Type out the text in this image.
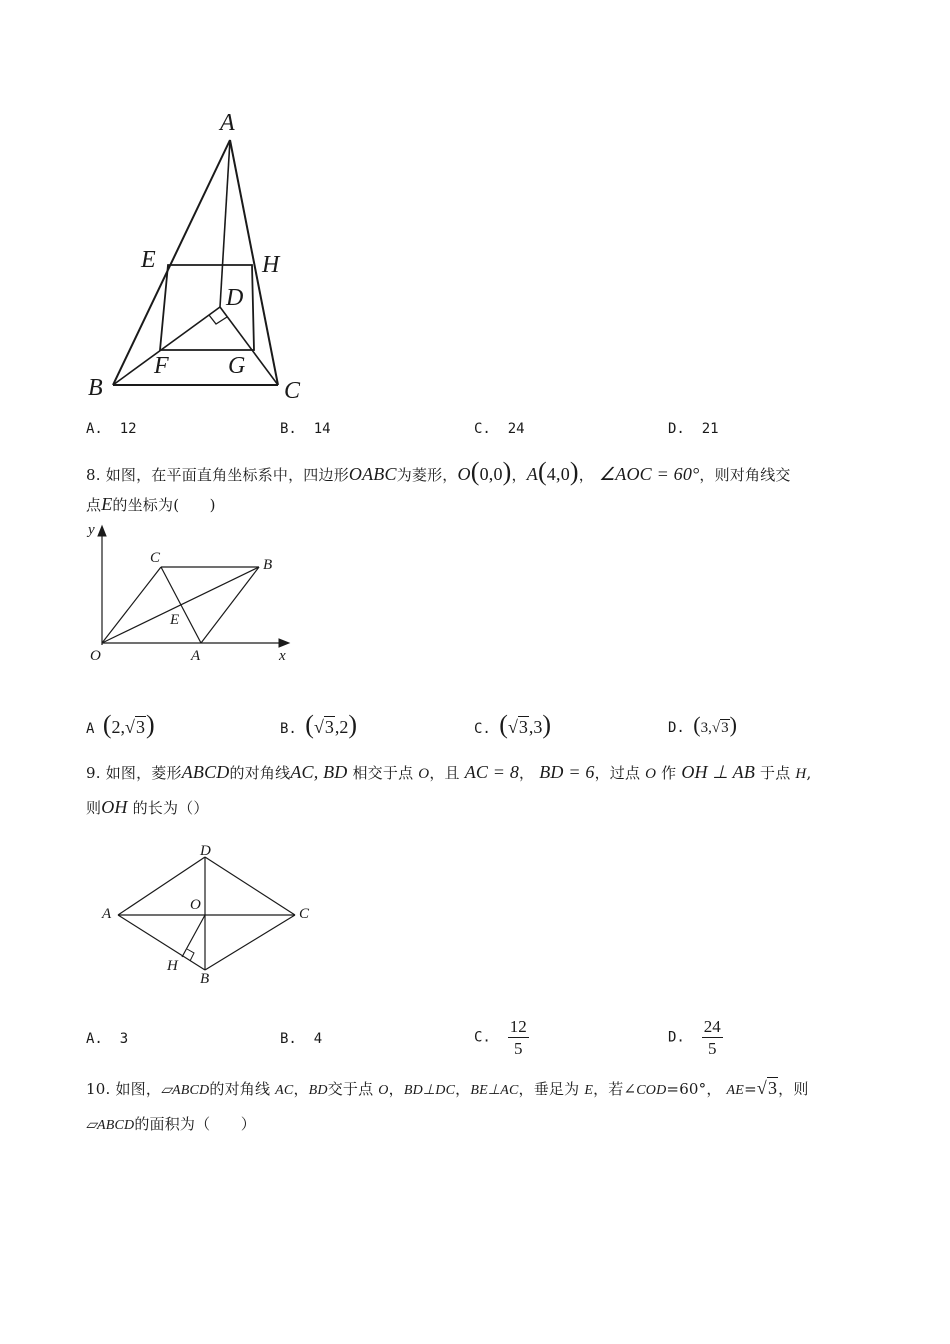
A
E	H
D
F G
B	C
A. 12	B. 14	C. 24	D. 21
8. 如图，在平面直角坐标系中，四边形OABC为菱形，O(0,0)，A(4,0)， ∠AOC = 60°，则对角线交
点E的坐标为(　　)
y
C	B
E
O	A	x
A (2,√3)	B. (√3,2)	C. (√3,3)	D. (3,√3)
9. 如图，菱形ABCD的对角线AC, BD 相交于点 O，且 AC = 8， BD = 6，过点 O 作 OH ⊥ AB 于点 H,
则OH 的长为（）
D
O
A	C
H
B
A. 3	B. 4	C. $\frac{12}{5}$	D. $\frac{24}{5}$
10. 如图，▱ABCD的对角线 AC，BD交于点 O，BD⊥DC，BE⊥AC，垂足为 E，若∠COD=60°， AE=√3，则
▱ABCD的面积为（　　）
